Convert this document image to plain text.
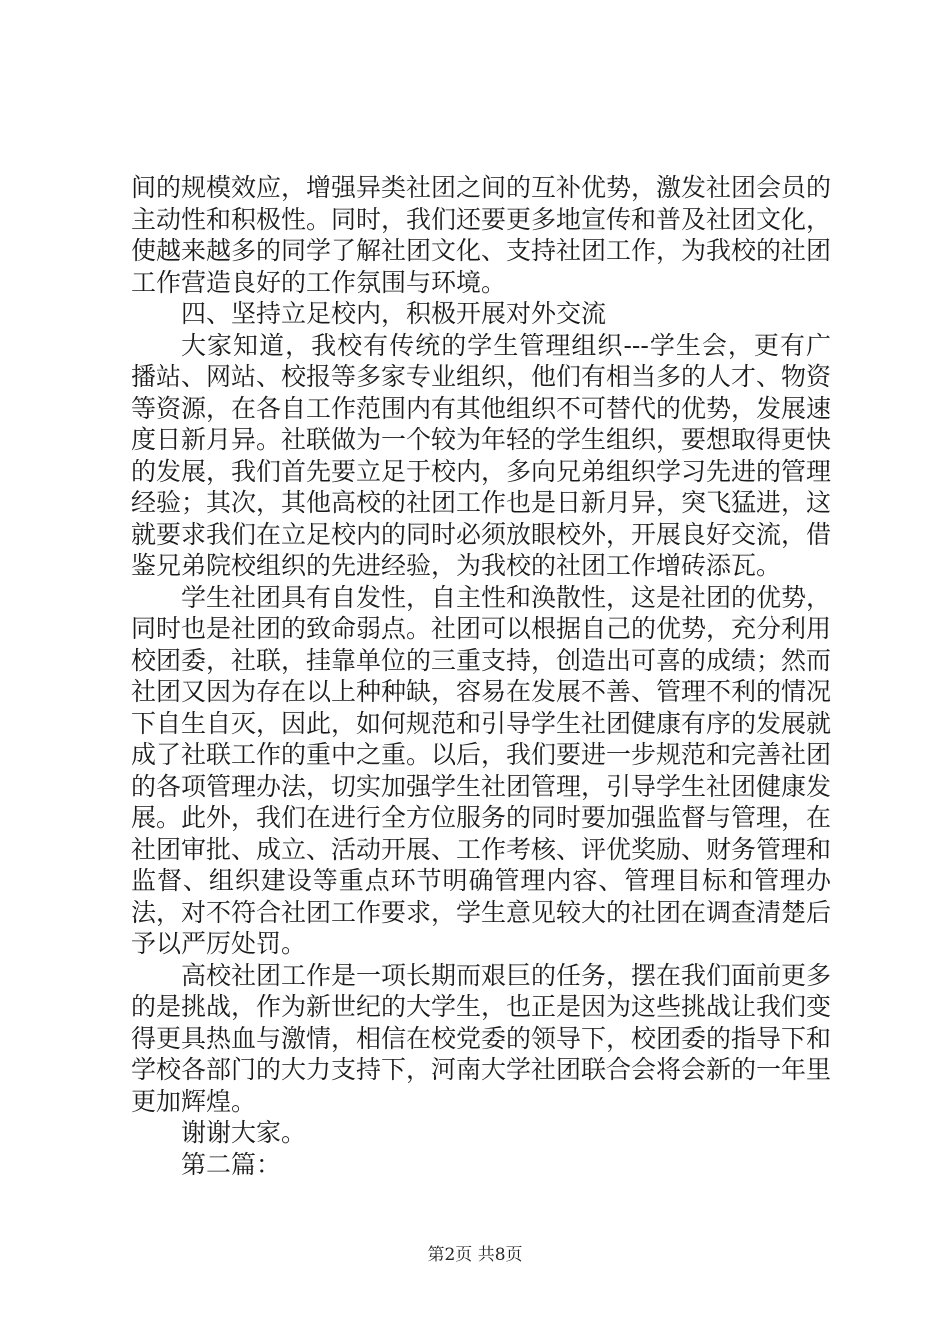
间的规模效应，增强异类社团之间的互补优势，激发社团会员的主动性和积极性。同时，我们还要更多地宣传和普及社团文化，使越来越多的同学了解社团文化、支持社团工作，为我校的社团工作营造良好的工作氛围与环境。

四、坚持立足校内，积极开展对外交流

大家知道，我校有传统的学生管理组织---学生会，更有广播站、网站、校报等多家专业组织，他们有相当多的人才、物资等资源，在各自工作范围内有其他组织不可替代的优势，发展速度日新月异。社联做为一个较为年轻的学生组织，要想取得更快的发展，我们首先要立足于校内，多向兄弟组织学习先进的管理经验；其次，其他高校的社团工作也是日新月异，突飞猛进，这就要求我们在立足校内的同时必须放眼校外，开展良好交流，借鉴兄弟院校组织的先进经验，为我校的社团工作增砖添瓦。

学生社团具有自发性，自主性和涣散性，这是社团的优势，同时也是社团的致命弱点。社团可以根据自己的优势，充分利用校团委，社联，挂靠单位的三重支持，创造出可喜的成绩；然而社团又因为存在以上种种缺，容易在发展不善、管理不利的情况下自生自灭，因此，如何规范和引导学生社团健康有序的发展就成了社联工作的重中之重。以后，我们要进一步规范和完善社团的各项管理办法，切实加强学生社团管理，引导学生社团健康发展。此外，我们在进行全方位服务的同时要加强监督与管理，在社团审批、成立、活动开展、工作考核、评优奖励、财务管理和监督、组织建设等重点环节明确管理内容、管理目标和管理办法，对不符合社团工作要求，学生意见较大的社团在调查清楚后予以严厉处罚。

高校社团工作是一项长期而艰巨的任务，摆在我们面前更多的是挑战，作为新世纪的大学生，也正是因为这些挑战让我们变得更具热血与激情，相信在校党委的领导下，校团委的指导下和学校各部门的大力支持下，河南大学社团联合会将会新的一年里更加辉煌。

谢谢大家。

第二篇：

第2页 共8页
